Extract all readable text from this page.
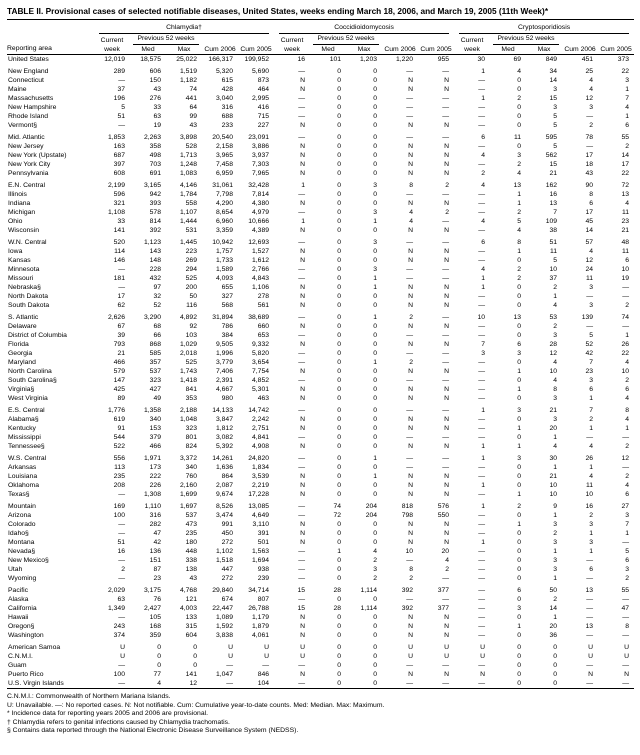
TABLE II. Provisional cases of selected notifiable diseases, United States, weeks ending March 18, 2006, and March 19, 2005 (11th Week)*
Reporting area	Chlamydia†					Coccidioidomycosis					Cryptosporidiosis				

	Current week	Previous 52 weeks		Cum 2006	Cum 2005	Current week	Previous 52 weeks		Cum 2006	Cum 2005	Current week	Previous 52 weeks		Cum 2006	Cum 2005
		Med	Max				Med	Max				Med	Max		
United States	12,019	18,575	25,022	166,317	199,952	16	101	1,203	1,220	955	30	69	849	451	373

New England	289	606	1,519	5,320	5,690	—	0	0	—	—	1	4	34	25	22
Connecticut	—	150	1,182	615	873	N	0	0	N	N	—	0	14	4	3
Maine	37	43	74	428	464	N	0	0	N	N	—	0	3	4	1
Massachusetts	196	276	441	3,040	2,995	—	0	0	—	—	1	2	15	12	7
New Hampshire	5	33	64	316	416	—	0	0	—	—	—	0	3	3	4
Rhode Island	51	63	99	688	715	—	0	0	—	—	—	0	5	—	1
Vermont§	—	19	43	233	227	N	0	0	N	N	—	0	5	2	6

Mid. Atlantic	1,853	2,263	3,898	20,540	23,091	—	0	0	—	—	6	11	595	78	55
New Jersey	163	358	528	2,158	3,886	N	0	0	N	N	—	0	5	—	2
New York (Upstate)	687	498	1,713	3,965	3,937	N	0	0	N	N	4	3	562	17	14
New York City	397	703	1,248	7,458	7,303	N	0	0	N	N	—	2	15	18	17
Pennsylvania	608	691	1,083	6,959	7,965	N	0	0	N	N	2	4	21	43	22

E.N. Central	2,199	3,165	4,146	31,061	32,428	1	0	3	8	2	4	13	162	90	72
Illinois	596	942	1,784	7,798	7,814	—	0	0	—	—	—	1	16	8	13
Indiana	321	393	558	4,290	4,380	N	0	0	N	N	—	1	13	6	4
Michigan	1,108	578	1,107	8,654	4,979	—	0	3	4	2	—	2	7	17	11
Ohio	33	814	1,444	6,960	10,666	1	0	1	4	—	4	5	109	45	23
Wisconsin	141	392	531	3,359	4,389	N	0	0	N	N	—	4	38	14	21

W.N. Central	520	1,123	1,445	10,942	12,693	—	0	3	—	—	6	8	51	57	48
Iowa	114	143	223	1,757	1,527	N	0	0	N	N	—	1	11	4	11
Kansas	146	148	269	1,733	1,612	N	0	0	N	N	—	0	5	12	6
Minnesota	—	228	294	1,589	2,766	—	0	3	—	—	4	2	10	24	10
Missouri	181	432	525	4,093	4,843	—	0	1	—	—	1	2	37	11	19
Nebraska§	—	97	200	655	1,106	N	0	1	N	N	1	0	2	3	—
North Dakota	17	32	50	327	278	N	0	0	N	N	—	0	1	—	—
South Dakota	62	52	116	568	561	N	0	0	N	N	—	0	4	3	2

S. Atlantic	2,626	3,290	4,892	31,894	38,689	—	0	1	2	—	10	13	53	139	74
Delaware	67	68	92	786	660	N	0	0	N	N	—	0	2	—	—
District of Columbia	39	66	103	384	653	—	0	0	—	—	—	0	3	5	1
Florida	793	868	1,029	9,505	9,332	N	0	0	N	N	7	6	28	52	26
Georgia	21	585	2,018	1,996	5,820	—	0	0	—	—	3	3	12	42	22
Maryland	466	357	525	3,779	3,654	—	0	1	2	—	—	0	4	7	4
North Carolina	579	537	1,743	7,406	7,754	N	0	0	N	N	—	1	10	23	10
South Carolina§	147	323	1,418	2,391	4,852	—	0	0	—	—	—	0	4	3	2
Virginia§	425	427	841	4,667	5,301	N	0	0	N	N	—	1	8	6	6
West Virginia	89	49	353	980	463	N	0	0	N	N	—	0	3	1	4

E.S. Central	1,776	1,358	2,188	14,133	14,742	—	0	0	—	—	1	3	21	7	8
Alabama§	619	340	1,048	3,847	2,242	N	0	0	N	N	—	0	3	2	4
Kentucky	91	153	323	1,812	2,751	N	0	0	N	N	—	1	20	1	1
Mississippi	544	379	801	3,082	4,841	—	0	0	—	—	—	0	1	—	—
Tennessee§	522	466	824	5,392	4,908	N	0	0	N	N	1	1	4	4	2

W.S. Central	556	1,971	3,372	14,261	24,820	—	0	1	—	—	1	3	30	26	12
Arkansas	113	173	340	1,636	1,834	—	0	0	—	—	—	0	1	1	—
Louisiana	235	222	760	864	3,539	N	0	1	N	N	—	0	21	4	2
Oklahoma	208	226	2,160	2,087	2,219	N	0	0	N	N	1	0	10	11	4
Texas§	—	1,308	1,699	9,674	17,228	N	0	0	N	N	—	1	10	10	6

Mountain	169	1,110	1,697	8,526	13,085	—	74	204	818	576	1	2	9	16	27
Arizona	100	316	537	3,474	4,649	—	72	204	798	550	—	0	1	2	3
Colorado	—	282	473	991	3,110	N	0	0	N	N	—	1	3	3	7
Idaho§	—	47	235	450	391	N	0	0	N	N	—	0	2	1	1
Montana	51	42	180	272	501	N	0	0	N	N	1	0	3	3	—
Nevada§	16	136	448	1,102	1,563	—	1	4	10	20	—	0	1	1	5
New Mexico§	—	151	338	1,518	1,694	—	0	2	—	4	—	0	3	—	6
Utah	2	87	138	447	938	—	0	3	8	2	—	0	3	6	3
Wyoming	—	23	43	272	239	—	0	2	2	—	—	0	1	—	2

Pacific	2,029	3,175	4,768	29,840	34,714	15	28	1,114	392	377	—	6	50	13	55
Alaska	63	76	121	674	807	—	0	0	—	—	—	0	2	—	—
California	1,349	2,427	4,003	22,447	26,788	15	28	1,114	392	377	—	3	14	—	47
Hawaii	—	105	133	1,089	1,179	N	0	0	N	N	—	0	1	—	—
Oregon§	243	168	315	1,592	1,879	N	0	0	N	N	—	1	20	13	8
Washington	374	359	604	3,838	4,061	N	0	0	N	N	—	0	36	—	—

American Samoa	U	0	0	U	U	U	0	0	U	U	U	0	0	U	U
C.N.M.I.	U	0	0	U	U	U	0	0	U	U	U	0	0	U	U
Guam	—	0	0	—	—	—	0	0	—	—	—	0	0	—	—
Puerto Rico	100	77	141	1,047	846	N	0	0	N	N	N	0	0	N	N
U.S. Virgin Islands	—	4	12	—	104	—	0	0	—	—	—	0	0	—	—
C.N.M.I.: Commonwealth of Northern Mariana Islands.
U: Unavailable. —: No reported cases. N: Not notifiable. Cum: Cumulative year-to-date counts. Med: Median. Max: Maximum.
* Incidence data for reporting years 2005 and 2006 are provisional.
† Chlamydia refers to genital infections caused by Chlamydia trachomatis.
§ Contains data reported through the National Electronic Disease Surveillance System (NEDSS).
